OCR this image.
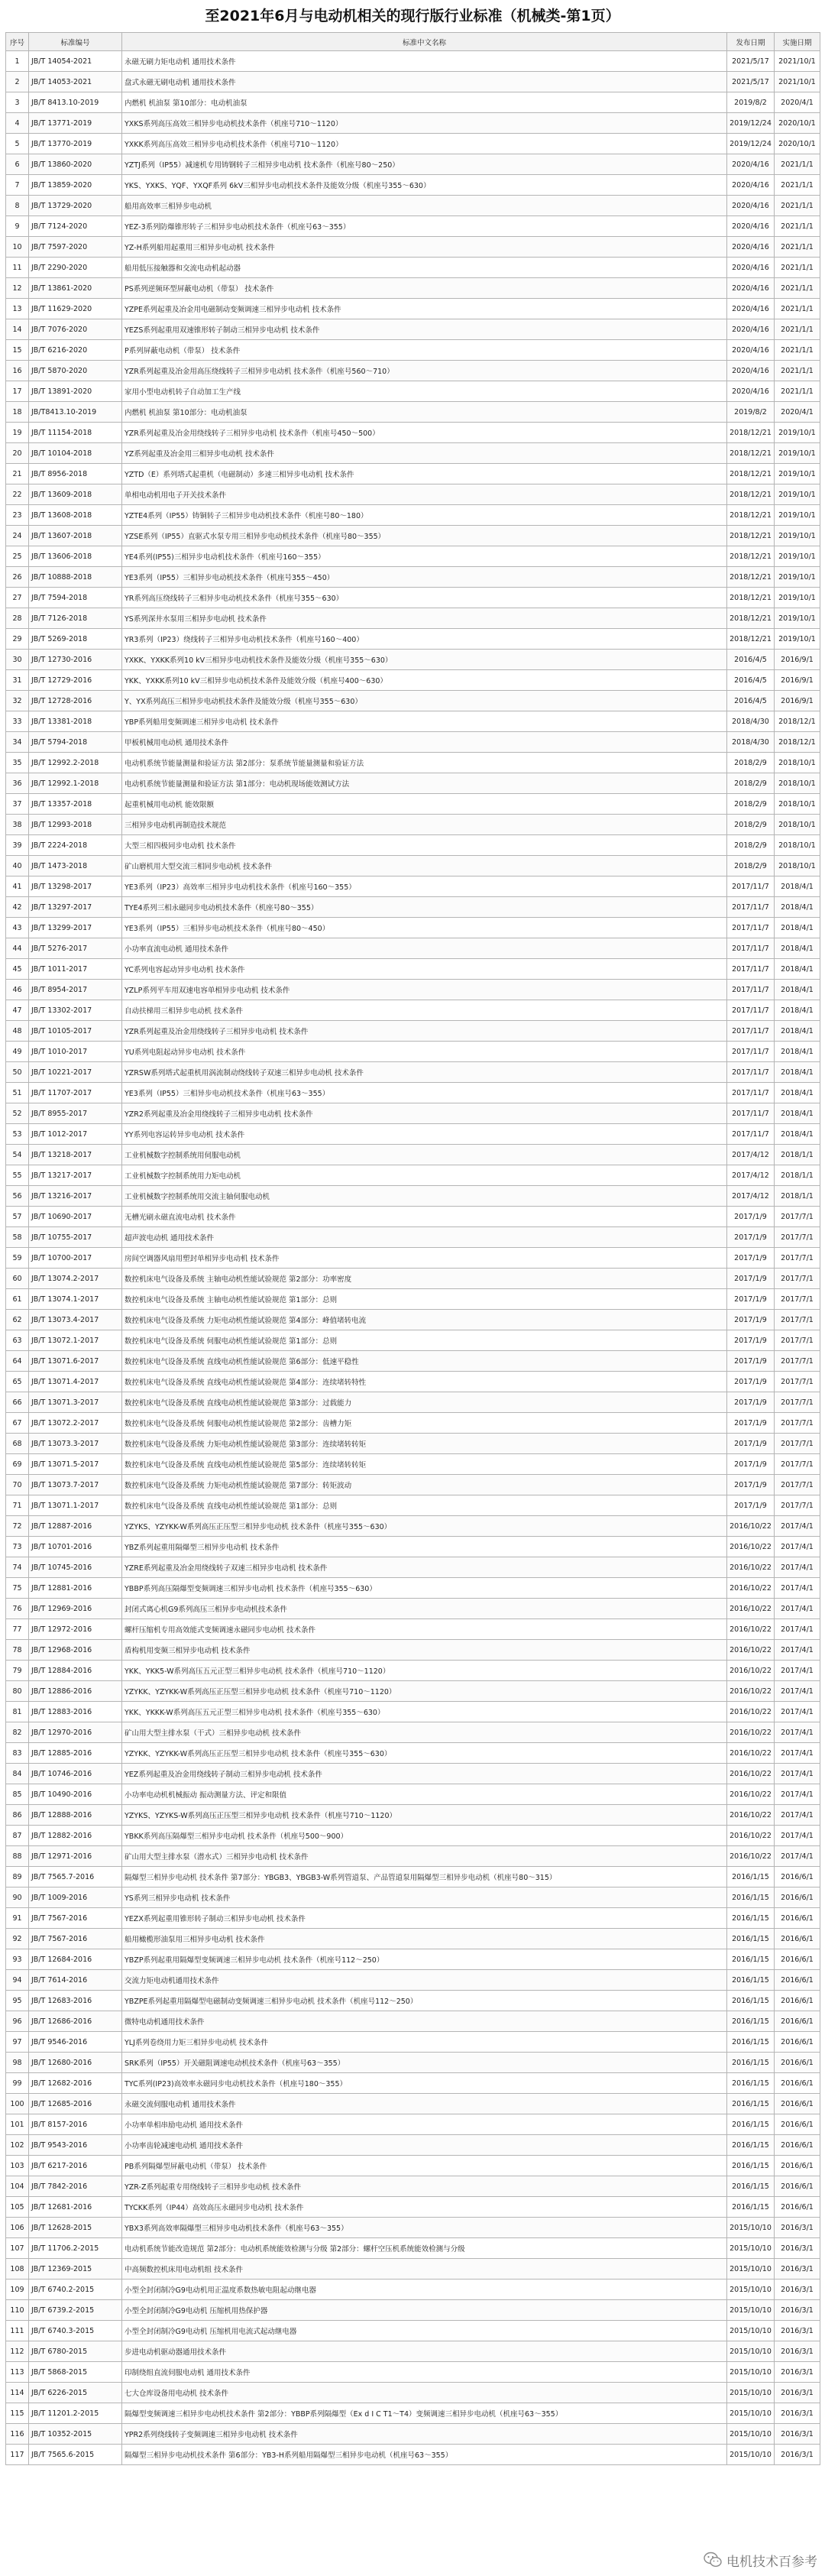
至2021年6月与电动机相关的现行版行业标准（机械类-第1页）
序号	标准编号	标准中文名称	发布日期	实施日期
1	JB/T 14054-2021	永磁无刷力矩电动机 通用技术条件	2021/5/17	2021/10/1
2	JB/T 14053-2021	盘式永磁无刷电动机 通用技术条件	2021/5/17	2021/10/1
3	JB/T 8413.10-2019	内燃机 机油泵 第10部分：电动机油泵	2019/8/2	2020/4/1
4	JB/T 13771-2019	YXKS系列高压高效三相异步电动机技术条件（机座号710～1120）	2019/12/24	2020/10/1
5	JB/T 13770-2019	YXKK系列高压高效三相异步电动机技术条件（机座号710～1120）	2019/12/24	2020/10/1
6	JB/T 13860-2020	YZTJ系列（IP55）减速机专用铸钢转子三相异步电动机 技术条件（机座号80～250）	2020/4/16	2021/1/1
7	JB/T 13859-2020	YKS、YXKS、YQF、YXQF系列 6kV三相异步电动机技术条件及能效分级（机座号355～630）	2020/4/16	2021/1/1
8	JB/T 13729-2020	船用高效率三相异步电动机	2020/4/16	2021/1/1
9	JB/T 7124-2020	YEZ-3系列防爆锥形转子三相异步电动机技术条件（机座号63～355）	2020/4/16	2021/1/1
10	JB/T 7597-2020	YZ-H系列船用起重用三相异步电动机 技术条件	2020/4/16	2021/1/1
11	JB/T 2290-2020	船用低压接触器和交流电动机起动器	2020/4/16	2021/1/1
12	JB/T 13861-2020	PS系列逆频环型屏蔽电动机（带泵） 技术条件	2020/4/16	2021/1/1
13	JB/T 11629-2020	YZPE系列起重及冶金用电磁制动变频调速三相异步电动机 技术条件	2020/4/16	2021/1/1
14	JB/T 7076-2020	YEZS系列起重用双速锥形转子制动三相异步电动机 技术条件	2020/4/16	2021/1/1
15	JB/T 6216-2020	P系列屏蔽电动机（带泵） 技术条件	2020/4/16	2021/1/1
16	JB/T 5870-2020	YZR系列起重及冶金用高压绕线转子三相异步电动机 技术条件（机座号560～710）	2020/4/16	2021/1/1
17	JB/T 13891-2020	家用小型电动机转子自动加工生产线	2020/4/16	2021/1/1
18	JB/T8413.10-2019	内燃机 机油泵 第10部分：电动机油泵	2019/8/2	2020/4/1
19	JB/T 11154-2018	YZR系列起重及冶金用绕线转子三相异步电动机 技术条件（机座号450～500）	2018/12/21	2019/10/1
20	JB/T 10104-2018	YZ系列起重及冶金用三相异步电动机 技术条件	2018/12/21	2019/10/1
21	JB/T 8956-2018	YZTD（E）系列塔式起重机（电磁制动）多速三相异步电动机 技术条件	2018/12/21	2019/10/1
22	JB/T 13609-2018	单相电动机用电子开关技术条件	2018/12/21	2019/10/1
23	JB/T 13608-2018	YZTE4系列（IP55）铸铜转子三相异步电动机技术条件（机座号80～180）	2018/12/21	2019/10/1
24	JB/T 13607-2018	YZSE系列（IP55）直驱式水泵专用三相异步电动机技术条件（机座号80～355）	2018/12/21	2019/10/1
25	JB/T 13606-2018	YE4系列(IP55)三相异步电动机技术条件（机座号160～355）	2018/12/21	2019/10/1
26	JB/T 10888-2018	YE3系列（IP55）三相异步电动机技术条件（机座号355～450）	2018/12/21	2019/10/1
27	JB/T 7594-2018	YR系列高压绕线转子三相异步电动机技术条件（机座号355～630）	2018/12/21	2019/10/1
28	JB/T 7126-2018	YS系列深井水泵用三相异步电动机 技术条件	2018/12/21	2019/10/1
29	JB/T 5269-2018	YR3系列（IP23）绕线转子三相异步电动机技术条件（机座号160～400）	2018/12/21	2019/10/1
30	JB/T 12730-2016	YXKK、YXKK系列10 kV三相异步电动机技术条件及能效分级（机座号355～630）	2016/4/5	2016/9/1
31	JB/T 12729-2016	YKK、YXKK系列10 kV三相异步电动机技术条件及能效分级（机座号400～630）	2016/4/5	2016/9/1
32	JB/T 12728-2016	Y、YX系列高压三相异步电动机技术条件及能效分级（机座号355～630）	2016/4/5	2016/9/1
33	JB/T 13381-2018	YBP系列船用变频调速三相异步电动机 技术条件	2018/4/30	2018/12/1
34	JB/T 5794-2018	甲板机械用电动机 通用技术条件	2018/4/30	2018/12/1
35	JB/T 12992.2-2018	电动机系统节能量测量和验证方法 第2部分：泵系统节能量测量和验证方法	2018/2/9	2018/10/1
36	JB/T 12992.1-2018	电动机系统节能量测量和验证方法 第1部分：电动机现场能效测试方法	2018/2/9	2018/10/1
37	JB/T 13357-2018	起重机械用电动机 能效限额	2018/2/9	2018/10/1
38	JB/T 12993-2018	三相异步电动机再制造技术规范	2018/2/9	2018/10/1
39	JB/T 2224-2018	大型三相四极同步电动机 技术条件	2018/2/9	2018/10/1
40	JB/T 1473-2018	矿山磨机用大型交流三相同步电动机 技术条件	2018/2/9	2018/10/1
41	JB/T 13298-2017	YE3系列（IP23）高效率三相异步电动机技术条件（机座号160～355）	2017/11/7	2018/4/1
42	JB/T 13297-2017	TYE4系列三相永磁同步电动机技术条件（机座号80～355）	2017/11/7	2018/4/1
43	JB/T 13299-2017	YE3系列（IP55）三相异步电动机技术条件（机座号80～450）	2017/11/7	2018/4/1
44	JB/T 5276-2017	小功率直流电动机 通用技术条件	2017/11/7	2018/4/1
45	JB/T 1011-2017	YC系列电容起动异步电动机 技术条件	2017/11/7	2018/4/1
46	JB/T 8954-2017	YZLP系列平车用双速电容单相异步电动机 技术条件	2017/11/7	2018/4/1
47	JB/T 13302-2017	自动扶梯用三相异步电动机 技术条件	2017/11/7	2018/4/1
48	JB/T 10105-2017	YZR系列起重及冶金用绕线转子三相异步电动机 技术条件	2017/11/7	2018/4/1
49	JB/T 1010-2017	YU系列电阻起动异步电动机 技术条件	2017/11/7	2018/4/1
50	JB/T 10221-2017	YZRSW系列塔式起重机用涡流制动绕线转子双速三相异步电动机 技术条件	2017/11/7	2018/4/1
51	JB/T 11707-2017	YE3系列（IP55）三相异步电动机技术条件（机座号63～355）	2017/11/7	2018/4/1
52	JB/T 8955-2017	YZR2系列起重及冶金用绕线转子三相异步电动机 技术条件	2017/11/7	2018/4/1
53	JB/T 1012-2017	YY系列电容运转异步电动机 技术条件	2017/11/7	2018/4/1
54	JB/T 13218-2017	工业机械数字控制系统用伺服电动机	2017/4/12	2018/1/1
55	JB/T 13217-2017	工业机械数字控制系统用力矩电动机	2017/4/12	2018/1/1
56	JB/T 13216-2017	工业机械数字控制系统用交流主轴伺服电动机	2017/4/12	2018/1/1
57	JB/T 10690-2017	无槽光刷永磁直流电动机 技术条件	2017/1/9	2017/7/1
58	JB/T 10755-2017	超声波电动机 通用技术条件	2017/1/9	2017/7/1
59	JB/T 10700-2017	房间空调器风扇用塑封单相异步电动机 技术条件	2017/1/9	2017/7/1
60	JB/T 13074.2-2017	数控机床电气设备及系统 主轴电动机性能试验规范 第2部分：功率密度	2017/1/9	2017/7/1
61	JB/T 13074.1-2017	数控机床电气设备及系统 主轴电动机性能试验规范 第1部分：总则	2017/1/9	2017/7/1
62	JB/T 13073.4-2017	数控机床电气设备及系统 力矩电动机性能试验规范 第4部分：峰值堵转电流	2017/1/9	2017/7/1
63	JB/T 13072.1-2017	数控机床电气设备及系统 伺服电动机性能试验规范 第1部分：总则	2017/1/9	2017/7/1
64	JB/T 13071.6-2017	数控机床电气设备及系统 直线电动机性能试验规范 第6部分：低速平稳性	2017/1/9	2017/7/1
65	JB/T 13071.4-2017	数控机床电气设备及系统 直线电动机性能试验规范 第4部分：连续堵转特性	2017/1/9	2017/7/1
66	JB/T 13071.3-2017	数控机床电气设备及系统 直线电动机性能试验规范 第3部分：过载能力	2017/1/9	2017/7/1
67	JB/T 13072.2-2017	数控机床电气设备及系统 伺服电动机性能试验规范 第2部分：齿槽力矩	2017/1/9	2017/7/1
68	JB/T 13073.3-2017	数控机床电气设备及系统 力矩电动机性能试验规范 第3部分：连续堵转转矩	2017/1/9	2017/7/1
69	JB/T 13071.5-2017	数控机床电气设备及系统 直线电动机性能试验规范 第5部分：连续堵转转矩	2017/1/9	2017/7/1
70	JB/T 13073.7-2017	数控机床电气设备及系统 力矩电动机性能试验规范 第7部分：转矩波动	2017/1/9	2017/7/1
71	JB/T 13071.1-2017	数控机床电气设备及系统 直线电动机性能试验规范 第1部分：总则	2017/1/9	2017/7/1
72	JB/T 12887-2016	YZYKS、YZYKK-W系列高压正压型三相异步电动机 技术条件（机座号355～630）	2016/10/22	2017/4/1
73	JB/T 10701-2016	YBZ系列起重用隔爆型三相异步电动机 技术条件	2016/10/22	2017/4/1
74	JB/T 10745-2016	YZRE系列起重及冶金用绕线转子双速三相异步电动机 技术条件	2016/10/22	2017/4/1
75	JB/T 12881-2016	YBBP系列高压隔爆型变频调速三相异步电动机 技术条件（机座号355～630）	2016/10/22	2017/4/1
76	JB/T 12969-2016	封闭式离心机G9系列高压三相异步电动机技术条件	2016/10/22	2017/4/1
77	JB/T 12972-2016	螺杆压缩机专用高效能式变频调速永磁同步电动机 技术条件	2016/10/22	2017/4/1
78	JB/T 12968-2016	盾构机用变频三相异步电动机 技术条件	2016/10/22	2017/4/1
79	JB/T 12884-2016	YKK、YKK5-W系列高压五元正型三相异步电动机 技术条件（机座号710～1120）	2016/10/22	2017/4/1
80	JB/T 12886-2016	YZYKK、YZYKK-W系列高压正压型三相异步电动机 技术条件（机座号710～1120）	2016/10/22	2017/4/1
81	JB/T 12883-2016	YKK、YKKK-W系列高压五元正型三相异步电动机 技术条件（机座号355～630）	2016/10/22	2017/4/1
82	JB/T 12970-2016	矿山用大型主排水泵（干式）三相异步电动机 技术条件	2016/10/22	2017/4/1
83	JB/T 12885-2016	YZYKK、YZYKK-W系列高压正压型三相异步电动机 技术条件（机座号355～630）	2016/10/22	2017/4/1
84	JB/T 10746-2016	YEZ系列起重及冶金用绕线转子制动三相异步电动机 技术条件	2016/10/22	2017/4/1
85	JB/T 10490-2016	小功率电动机机械振动 振动测量方法、评定和限值	2016/10/22	2017/4/1
86	JB/T 12888-2016	YZYKS、YZYKS-W系列高压正压型三相异步电动机 技术条件（机座号710～1120）	2016/10/22	2017/4/1
87	JB/T 12882-2016	YBKK系列高压隔爆型三相异步电动机 技术条件（机座号500～900）	2016/10/22	2017/4/1
88	JB/T 12971-2016	矿山用大型主排水泵（潜水式）三相异步电动机 技术条件	2016/10/22	2017/4/1
89	JB/T 7565.7-2016	隔爆型三相异步电动机 技术条件 第7部分：YBGB3、YBGB3-W系列管道泵、产品管道泵用隔爆型三相异步电动机（机座号80～315）	2016/1/15	2016/6/1
90	JB/T 1009-2016	YS系列三相异步电动机 技术条件	2016/1/15	2016/6/1
91	JB/T 7567-2016	YEZX系列起重用锥形转子制动三相异步电动机 技术条件	2016/1/15	2016/6/1
92	JB/T 7567-2016	船用橄榄形油泵用三相异步电动机 技术条件	2016/1/15	2016/6/1
93	JB/T 12684-2016	YBZP系列起重用隔爆型变频调速三相异步电动机 技术条件（机座号112～250）	2016/1/15	2016/6/1
94	JB/T 7614-2016	交流力矩电动机通用技术条件	2016/1/15	2016/6/1
95	JB/T 12683-2016	YBZPE系列起重用隔爆型电磁制动变频调速三相异步电动机 技术条件（机座号112～250）	2016/1/15	2016/6/1
96	JB/T 12686-2016	微特电动机通用技术条件	2016/1/15	2016/6/1
97	JB/T 9546-2016	YLJ系列卷绕用力矩三相异步电动机 技术条件	2016/1/15	2016/6/1
98	JB/T 12680-2016	SRK系列（IP55）开关磁阻调速电动机技术条件（机座号63～355）	2016/1/15	2016/6/1
99	JB/T 12682-2016	TYC系列(IP23)高效率永磁同步电动机技术条件（机座号180～355）	2016/1/15	2016/6/1
100	JB/T 12685-2016	永磁交流伺服电动机 通用技术条件	2016/1/15	2016/6/1
101	JB/T 8157-2016	小功率单相串励电动机 通用技术条件	2016/1/15	2016/6/1
102	JB/T 9543-2016	小功率齿轮减速电动机 通用技术条件	2016/1/15	2016/6/1
103	JB/T 6217-2016	PB系列隔爆型屏蔽电动机（带泵） 技术条件	2016/1/15	2016/6/1
104	JB/T 7842-2016	YZR-Z系列起重专用绕线转子三相异步电动机 技术条件	2016/1/15	2016/6/1
105	JB/T 12681-2016	TYCKK系列（IP44）高效高压永磁同步电动机 技术条件	2016/1/15	2016/6/1
106	JB/T 12628-2015	YBX3系列高效率隔爆型三相异步电动机技术条件（机座号63～355）	2015/10/10	2016/3/1
107	JB/T 11706.2-2015	电动机系统节能改造规范 第2部分：电动机系统能效检测与分级 第2部分：螺杆空压机系统能效检测与分级	2015/10/10	2016/3/1
108	JB/T 12369-2015	中高频数控机床用电动机组 技术条件	2015/10/10	2016/3/1
109	JB/T 6740.2-2015	小型全封闭制冷G9电动机用正温度系数热敏电阻起动继电器	2015/10/10	2016/3/1
110	JB/T 6739.2-2015	小型全封闭制冷G9电动机 压缩机用热保护器	2015/10/10	2016/3/1
111	JB/T 6740.3-2015	小型全封闭制冷G9电动机 压缩机用电流式起动继电器	2015/10/10	2016/3/1
112	JB/T 6780-2015	步进电动机驱动器通用技术条件	2015/10/10	2016/3/1
113	JB/T 5868-2015	印制绕组直流伺服电动机 通用技术条件	2015/10/10	2016/3/1
114	JB/T 6226-2015	七大仓库设备用电动机 技术条件	2015/10/10	2016/3/1
115	JB/T 11201.2-2015	隔爆型变频调速三相异步电动机技术条件 第2部分：YBBP系列隔爆型（Ex d I C T1～T4）变频调速三相异步电动机（机座号63～355）	2015/10/10	2016/3/1
116	JB/T 10352-2015	YPR2系列绕线转子变频调速三相异步电动机 技术条件	2015/10/10	2016/3/1
117	JB/T 7565.6-2015	隔爆型三相异步电动机技术条件 第6部分：YB3-H系列船用隔爆型三相异步电动机（机座号63～355）	2015/10/10	2016/3/1
电机技术百参考
